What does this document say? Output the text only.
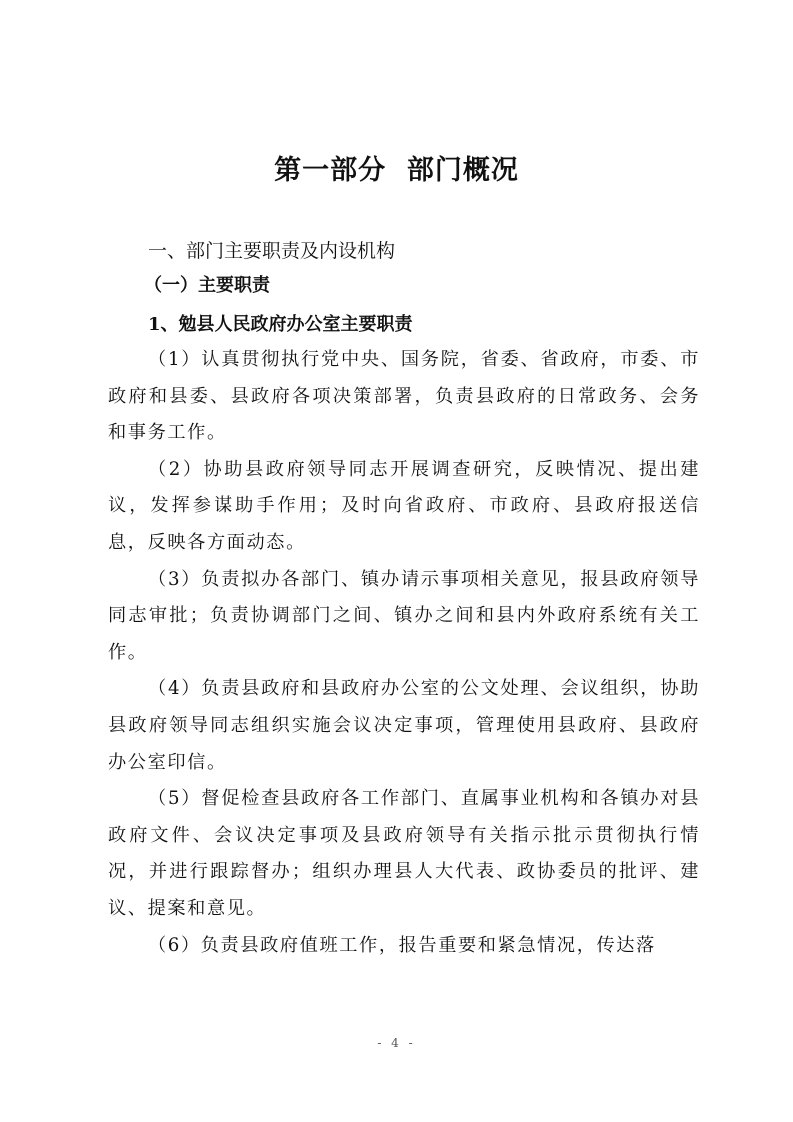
第一部分  部门概况
一、部门主要职责及内设机构
（一）主要职责
1、勉县人民政府办公室主要职责

（1）认真贯彻执行党中央、国务院，省委、省政府，市委、市政府和县委、县政府各项决策部署，负责县政府的日常政务、会务和事务工作。

（2）协助县政府领导同志开展调查研究，反映情况、提出建议，发挥参谋助手作用；及时向省政府、市政府、县政府报送信息，反映各方面动态。

（3）负责拟办各部门、镇办请示事项相关意见，报县政府领导同志审批；负责协调部门之间、镇办之间和县内外政府系统有关工作。

（4）负责县政府和县政府办公室的公文处理、会议组织，协助县政府领导同志组织实施会议决定事项，管理使用县政府、县政府办公室印信。

（5）督促检查县政府各工作部门、直属事业机构和各镇办对县政府文件、会议决定事项及县政府领导有关指示批示贯彻执行情况，并进行跟踪督办；组织办理县人大代表、政协委员的批评、建议、提案和意见。

（6）负责县政府值班工作，报告重要和紧急情况，传达落

- 4 -
